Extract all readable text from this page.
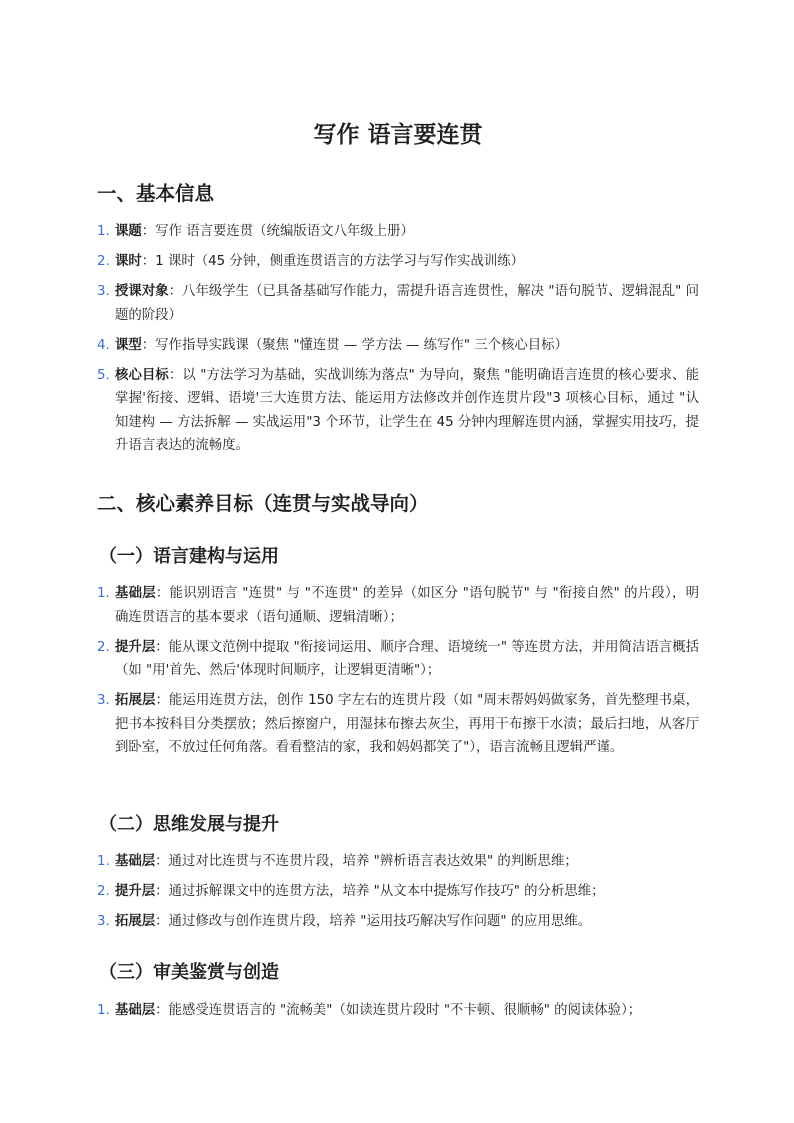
写作 语言要连贯
一、基本信息
1. 课题：写作 语言要连贯（统编版语文八年级上册）
2. 课时：1 课时（45 分钟，侧重连贯语言的方法学习与写作实战训练）
3. 授课对象：八年级学生（已具备基础写作能力，需提升语言连贯性，解决 "语句脱节、逻辑混乱" 问题的阶段）
4. 课型：写作指导实践课（聚焦 "懂连贯 — 学方法 — 练写作" 三个核心目标）
5. 核心目标：以 "方法学习为基础，实战训练为落点" 为导向，聚焦 "能明确语言连贯的核心要求、能掌握'衔接、逻辑、语境'三大连贯方法、能运用方法修改并创作连贯片段"3 项核心目标，通过 "认知建构 — 方法拆解 — 实战运用"3 个环节，让学生在 45 分钟内理解连贯内涵，掌握实用技巧，提升语言表达的流畅度。
二、核心素养目标（连贯与实战导向）
（一）语言建构与运用
1. 基础层：能识别语言 "连贯" 与 "不连贯" 的差异（如区分 "语句脱节" 与 "衔接自然" 的片段），明确连贯语言的基本要求（语句通顺、逻辑清晰）；
2. 提升层：能从课文范例中提取 "衔接词运用、顺序合理、语境统一" 等连贯方法，并用简洁语言概括（如 "用'首先、然后'体现时间顺序，让逻辑更清晰"）；
3. 拓展层：能运用连贯方法，创作 150 字左右的连贯片段（如 "周末帮妈妈做家务，首先整理书桌，把书本按科目分类摆放；然后擦窗户，用湿抹布擦去灰尘，再用干布擦干水渍；最后扫地，从客厅到卧室，不放过任何角落。看看整洁的家，我和妈妈都笑了"），语言流畅且逻辑严谨。
（二）思维发展与提升
1. 基础层：通过对比连贯与不连贯片段，培养 "辨析语言表达效果" 的判断思维；
2. 提升层：通过拆解课文中的连贯方法，培养 "从文本中提炼写作技巧" 的分析思维；
3. 拓展层：通过修改与创作连贯片段，培养 "运用技巧解决写作问题" 的应用思维。
（三）审美鉴赏与创造
1. 基础层：能感受连贯语言的 "流畅美"（如读连贯片段时 "不卡顿、很顺畅" 的阅读体验）；
